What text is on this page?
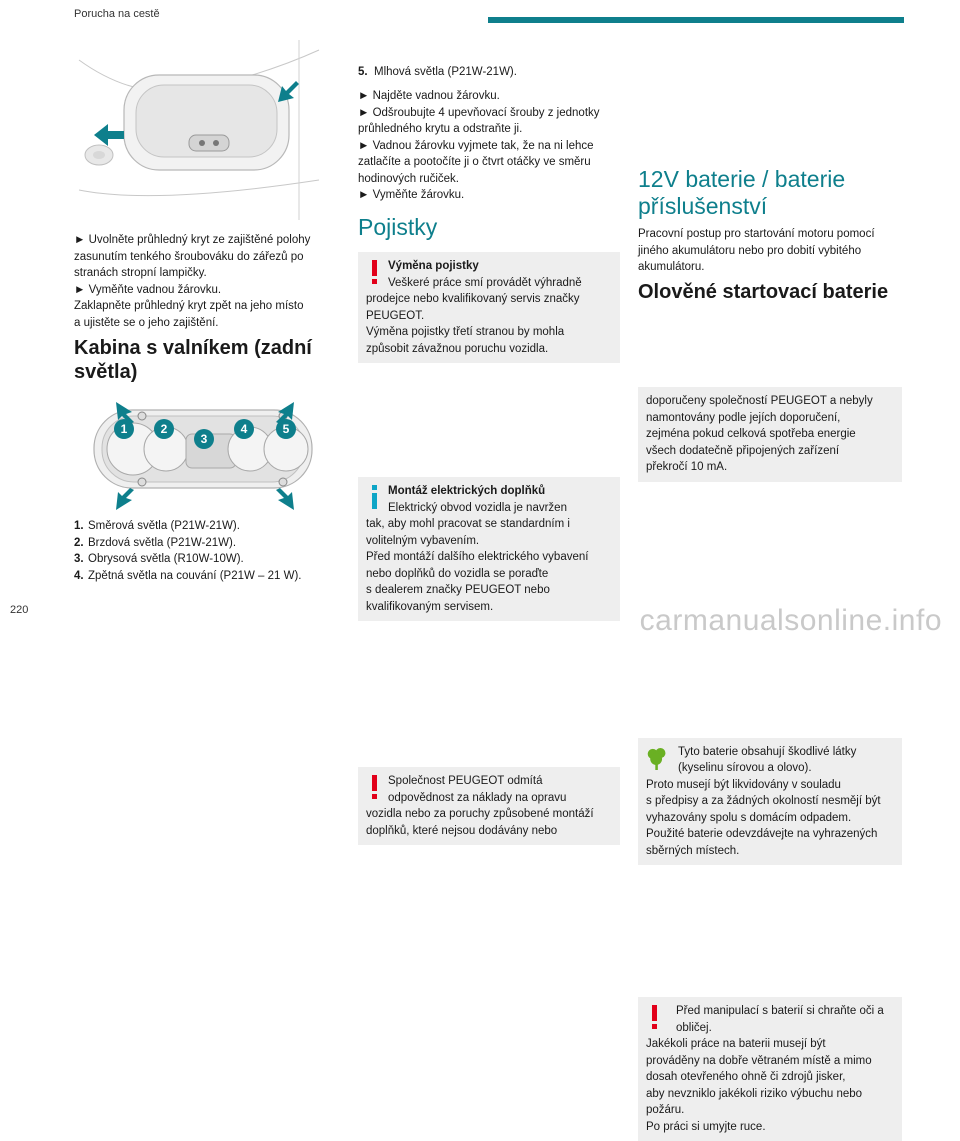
Porucha na cestě
► Uvolněte průhledný kryt ze zajištěné polohy
zasunutím tenkého šroubováku do zářezů po
stranách stropní lampičky.
► Vyměňte vadnou žárovku.
Zaklapněte průhledný kryt zpět na jeho místo
a ujistěte se o jeho zajištění.

Kabina s valníkem (zadní
světla)

1	2
3
4	5
1. Směrová světla (P21W-21W).
2. Brzdová světla (P21W-21W).
3. Obrysová světla (R10W-10W).
4. Zpětná světla na couvání (P21W – 21 W).
5. Mlhová světla (P21W-21W).
► Najděte vadnou žárovku.
► Odšroubujte 4 upevňovací šrouby z jednotky
průhledného krytu a odstraňte ji.
► Vadnou žárovku vyjmete tak, že na ni lehce
zatlačíte a pootočíte ji o čtvrt otáčky ve směru
hodinových ručiček.
► Vyměňte žárovku.

Pojistky

Výměna pojistky
Veškeré práce smí provádět výhradně
prodejce nebo kvalifikovaný servis značky
PEUGEOT.
Výměna pojistky třetí stranou by mohla
způsobit závažnou poruchu vozidla.
Montáž elektrických doplňků
Elektrický obvod vozidla je navržen
tak, aby mohl pracovat se standardním i
volitelným vybavením.
Před montáží dalšího elektrického vybavení
nebo doplňků do vozidla se poraďte
s dealerem značky PEUGEOT nebo
kvalifikovaným servisem.
Společnost PEUGEOT odmítá
odpovědnost za náklady na opravu
vozidla nebo za poruchy způsobené montáží
doplňků, které nejsou dodávány nebo
doporučeny společností PEUGEOT a nebyly
namontovány podle jejích doporučení,
zejména pokud celková spotřeba energie
všech dodatečně připojených zařízení
překročí 10 mA.

12V baterie / baterie
příslušenství

Pracovní postup pro startování motoru pomocí
jiného akumulátoru nebo pro dobití vybitého
akumulátoru.

Olověné startovací baterie

Tyto baterie obsahují škodlivé látky
(kyselinu sírovou a olovo).
Proto musejí být likvidovány v souladu
s předpisy a za žádných okolností nesmějí být
vyhazovány spolu s domácím odpadem.
Použité baterie odevzdávejte na vyhrazených
sběrných místech.
Před manipulací s baterií si chraňte oči a
obličej.
Jakékoli práce na baterii musejí být
prováděny na dobře větraném místě a mimo
dosah otevřeného ohně či zdrojů jisker,
aby nevzniklo jakékoli riziko výbuchu nebo
požáru.
Po práci si umyjte ruce.
220	carmanualsonline.info
